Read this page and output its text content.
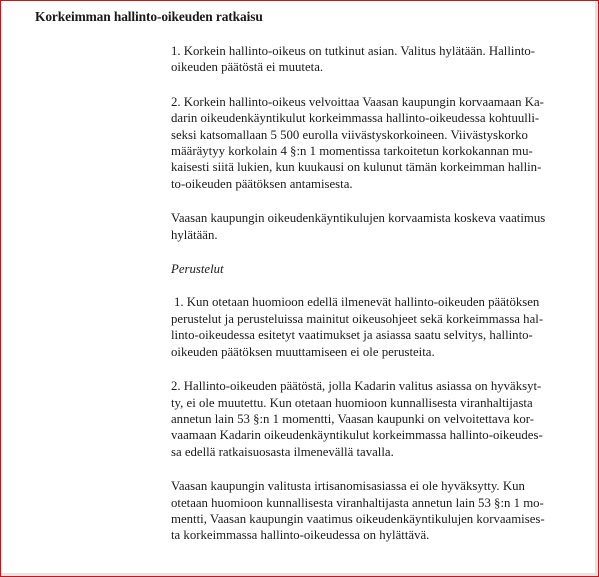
Korkeimman hallinto-oikeuden ratkaisu

1. Korkein hallinto-oikeus on tutkinut asian. Valitus hylätään. Hallinto-
oikeuden päätöstä ei muuteta.

2. Korkein hallinto-oikeus velvoittaa Vaasan kaupungin korvaamaan Ka-
darin oikeudenkäyntikulut korkeimmassa hallinto-oikeudessa kohtuulli-
seksi katsomallaan 5 500 eurolla viivästyskorkoineen. Viivästyskorko
määräytyy korkolain 4 §:n 1 momentissa tarkoitetun korkokannan mu-
kaisesti siitä lukien, kun kuukausi on kulunut tämän korkeimman hallin-
to-oikeuden päätöksen antamisesta.

Vaasan kaupungin oikeudenkäyntikulujen korvaamista koskeva vaatimus
hylätään.

Perustelut

1. Kun otetaan huomioon edellä ilmenevät hallinto-oikeuden päätöksen
perustelut ja perusteluissa mainitut oikeusohjeet sekä korkeimmassa hal-
linto-oikeudessa esitetyt vaatimukset ja asiassa saatu selvitys, hallinto-
oikeuden päätöksen muuttamiseen ei ole perusteita.

2. Hallinto-oikeuden päätöstä, jolla Kadarin valitus asiassa on hyväksyt-
ty, ei ole muutettu. Kun otetaan huomioon kunnallisesta viranhaltijasta
annetun lain 53 §:n 1 momentti, Vaasan kaupunki on velvoitettava kor-
vaamaan Kadarin oikeudenkäyntikulut korkeimmassa hallinto-oikeudes-
sa edellä ratkaisuosasta ilmenevällä tavalla.

Vaasan kaupungin valitusta irtisanomisasiassa ei ole hyväksytty. Kun
otetaan huomioon kunnallisesta viranhaltijasta annetun lain 53 §:n 1 mo-
mentti, Vaasan kaupungin vaatimus oikeudenkäyntikulujen korvaamises-
ta korkeimmassa hallinto-oikeudessa on hylättävä.
